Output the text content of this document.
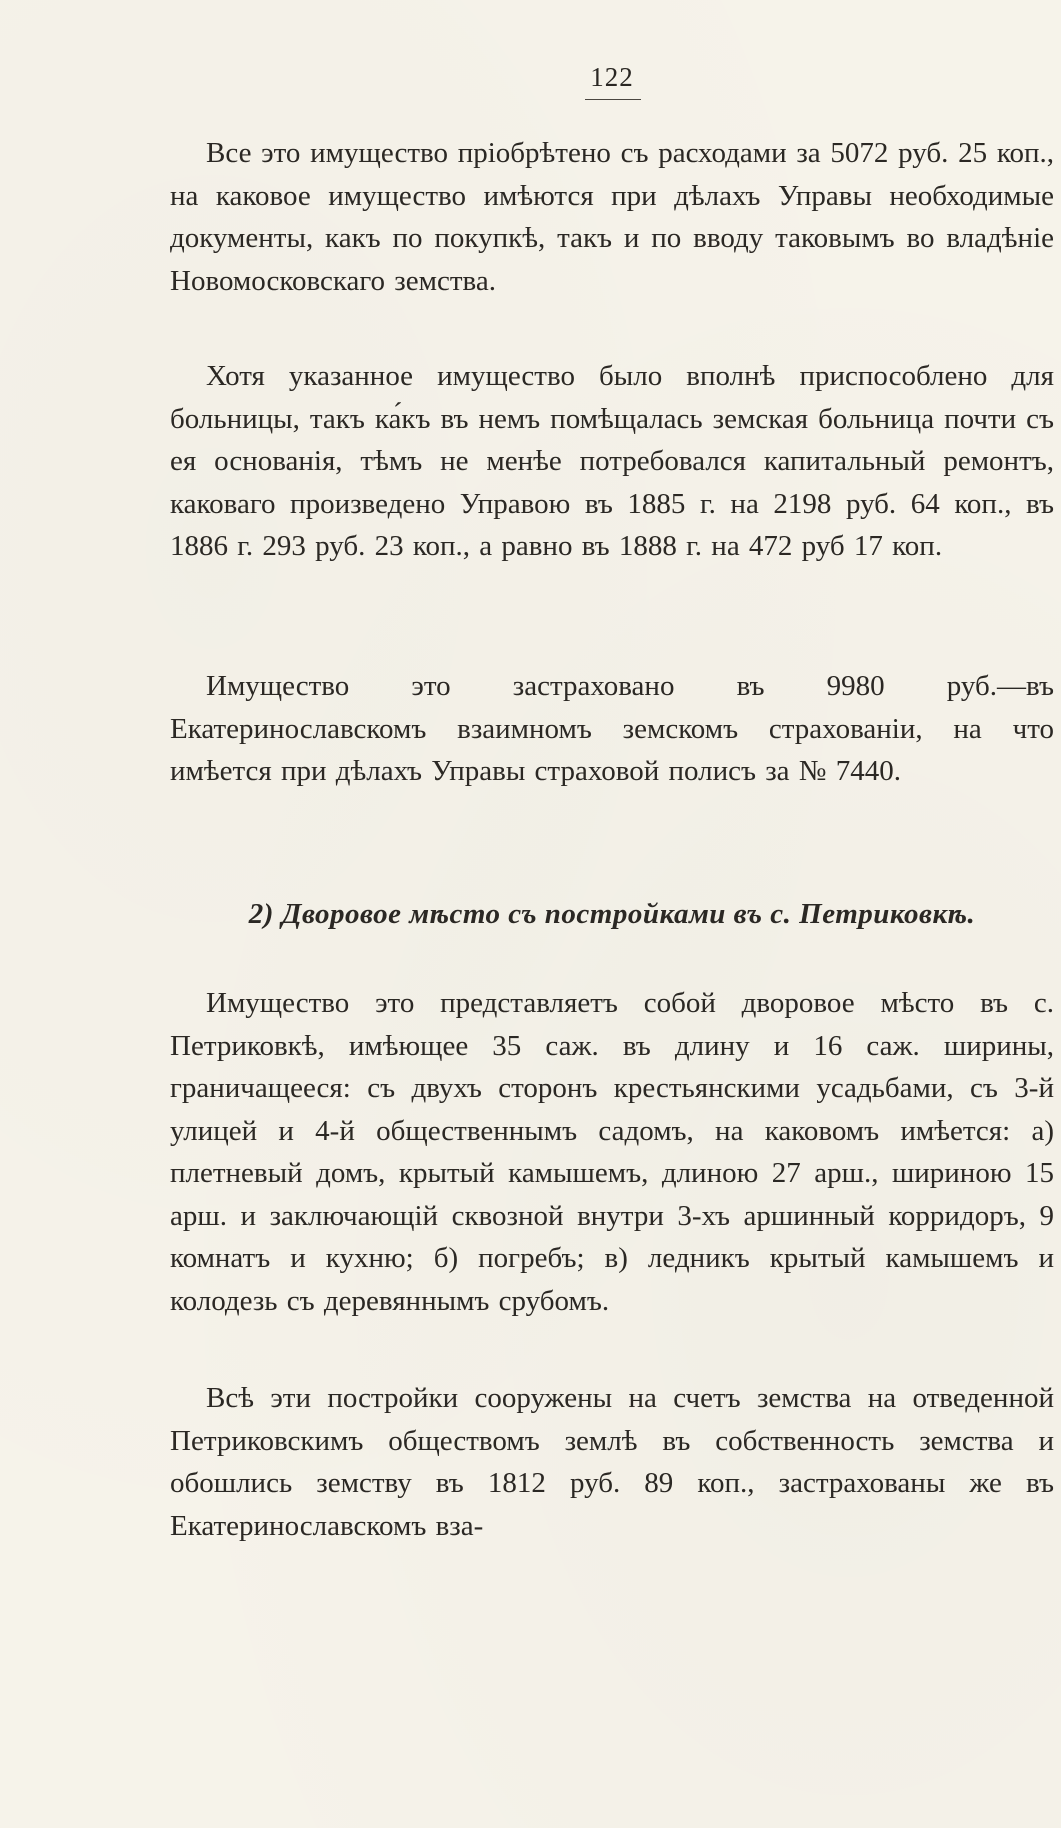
122

Все это имущество пріобрѣтено съ расходами за 5072 руб. 25 коп., на каковое имущество имѣются при дѣлахъ Управы необходимые документы, какъ по покупкѣ, такъ и по вводу таковымъ во владѣніе Новомосковскаго земства.

Хотя указанное имущество было вполнѣ приспособлено для больницы, такъ ка́къ въ немъ помѣщалась земская больница почти съ ея основанія, тѣмъ не менѣе потребовался капитальный ремонтъ, каковаго произведено Управою въ 1885 г. на 2198 руб. 64 коп., въ 1886 г. 293 руб. 23 коп., а равно въ 1888 г. на 472 руб 17 коп.

Имущество это застраховано въ 9980 руб.—въ Екатеринославскомъ взаимномъ земскомъ страхованіи, на что имѣется при дѣлахъ Управы страховой полисъ за № 7440.

2) Дворовое мѣсто съ постройками въ с. Петриковкѣ.

Имущество это представляетъ собой дворовое мѣсто въ с. Петриковкѣ, имѣющее 35 саж. въ длину и 16 саж. ширины, граничащееся: съ двухъ сторонъ крестьянскими усадьбами, съ 3-й улицей и 4-й общественнымъ садомъ, на каковомъ имѣется: а) плетневый домъ, крытый камышемъ, длиною 27 арш., шириною 15 арш. и заключающій сквозной внутри 3-хъ аршинный корридоръ, 9 комнатъ и кухню; б) погребъ; в) ледникъ крытый камышемъ и колодезь съ деревяннымъ срубомъ.

Всѣ эти постройки сооружены на счетъ земства на отведенной Петриковскимъ обществомъ землѣ въ собственность земства и обошлись земству въ 1812 руб. 89 коп., застрахованы же въ Екатеринославскомъ вза-
